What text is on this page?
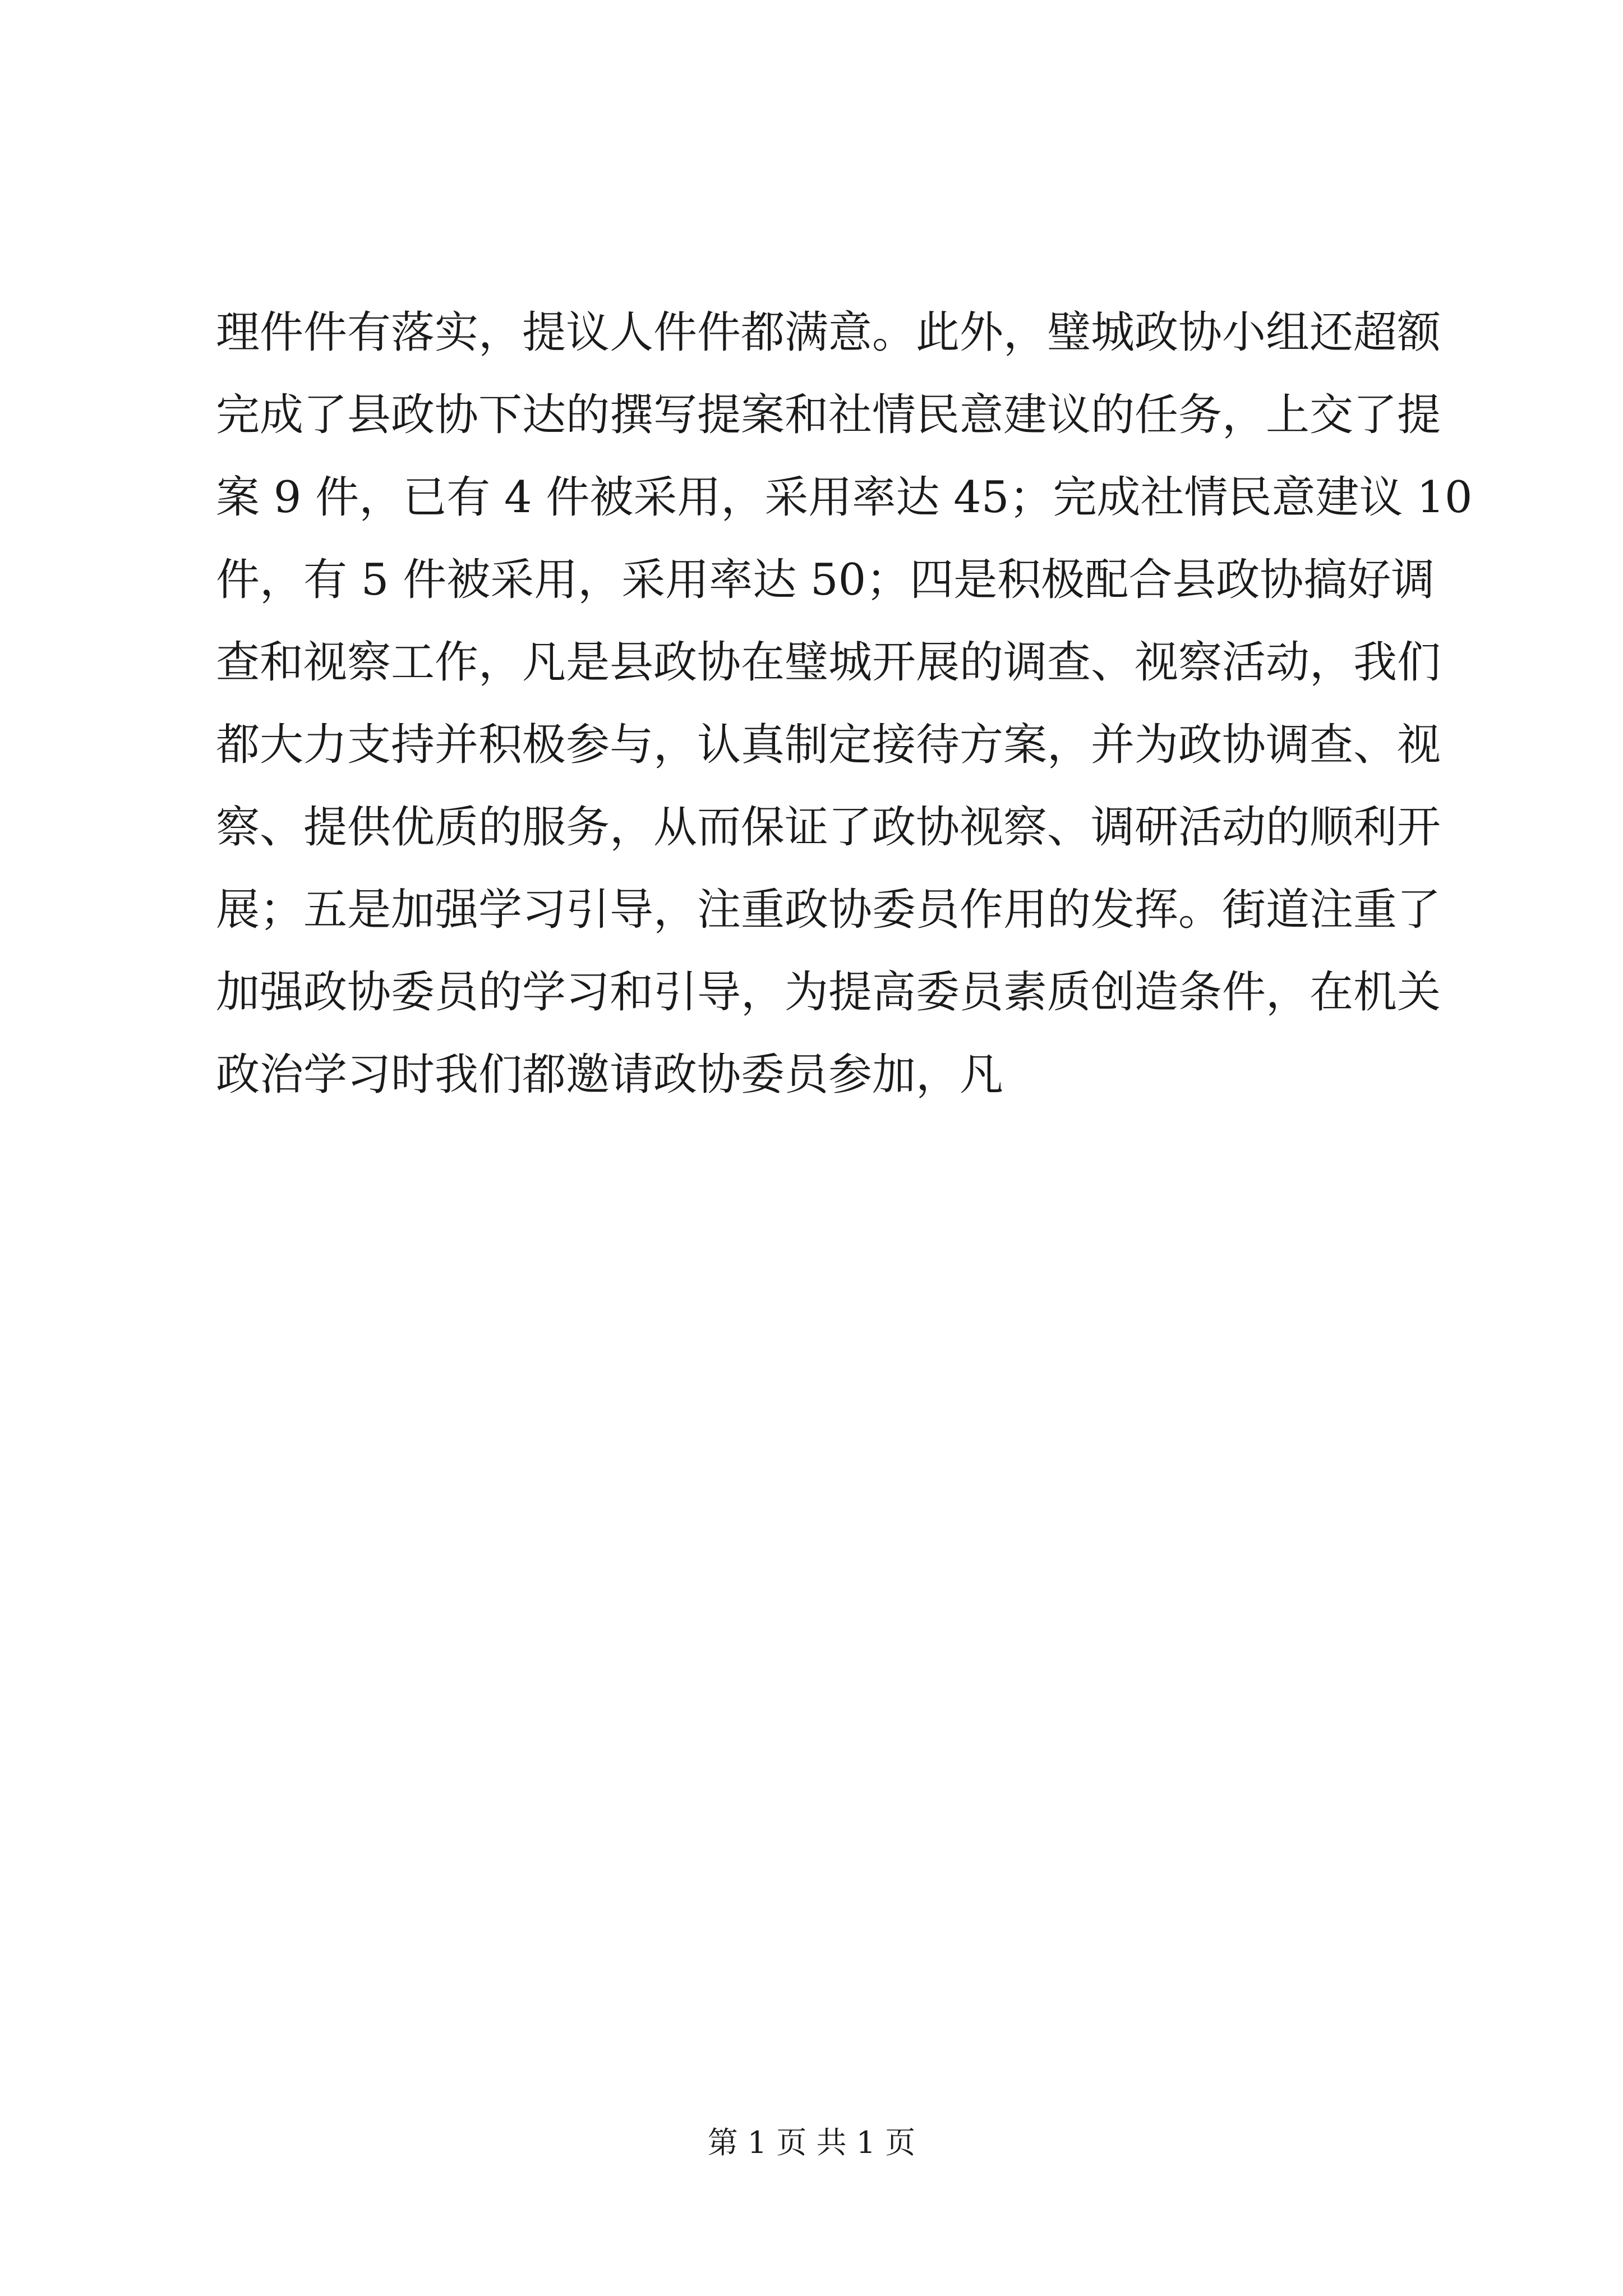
理件件有落实，提议人件件都满意。此外，璧城政协小组还超额
完成了县政协下达的撰写提案和社情民意建议的任务，上交了提
案 9 件，已有 4 件被采用，采用率达 45；完成社情民意建议 10
件，有 5 件被采用，采用率达 50；四是积极配合县政协搞好调
查和视察工作，凡是县政协在璧城开展的调查、视察活动，我们
都大力支持并积极参与，认真制定接待方案，并为政协调查、视
察、提供优质的服务，从而保证了政协视察、调研活动的顺利开
展；五是加强学习引导，注重政协委员作用的发挥。街道注重了
加强政协委员的学习和引导，为提高委员素质创造条件，在机关
政治学习时我们都邀请政协委员参加，凡
第 1 页 共 1 页
